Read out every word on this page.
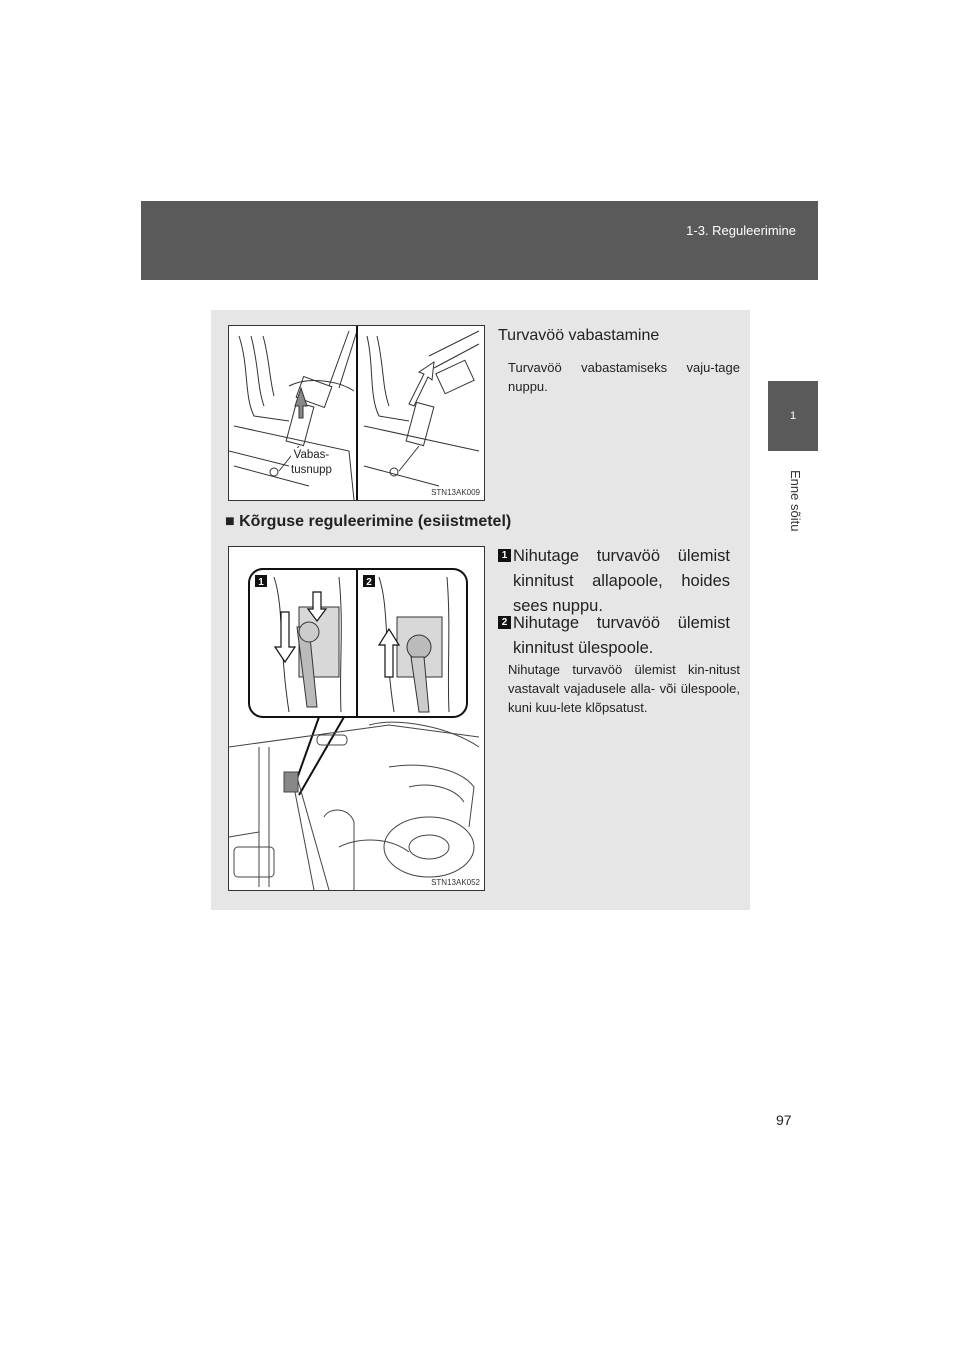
1-3. Reguleerimine
1
Enne sõitu
Vabas-
tusnupp
STN13AK009
Turvavöö vabastamine
Turvavöö vabastamiseks vaju-tage nuppu.
■ Kõrguse reguleerimine (esiistmetel)
1	2
STN13AK052
1 Nihutage turvavöö ülemist kinnitust allapoole, hoides sees nuppu.
2 Nihutage turvavöö ülemist kinnitust ülespoole.
Nihutage turvavöö ülemist kin-nitust vastavalt vajadusele alla- või ülespoole, kuni kuu-lete klõpsatust.
97
